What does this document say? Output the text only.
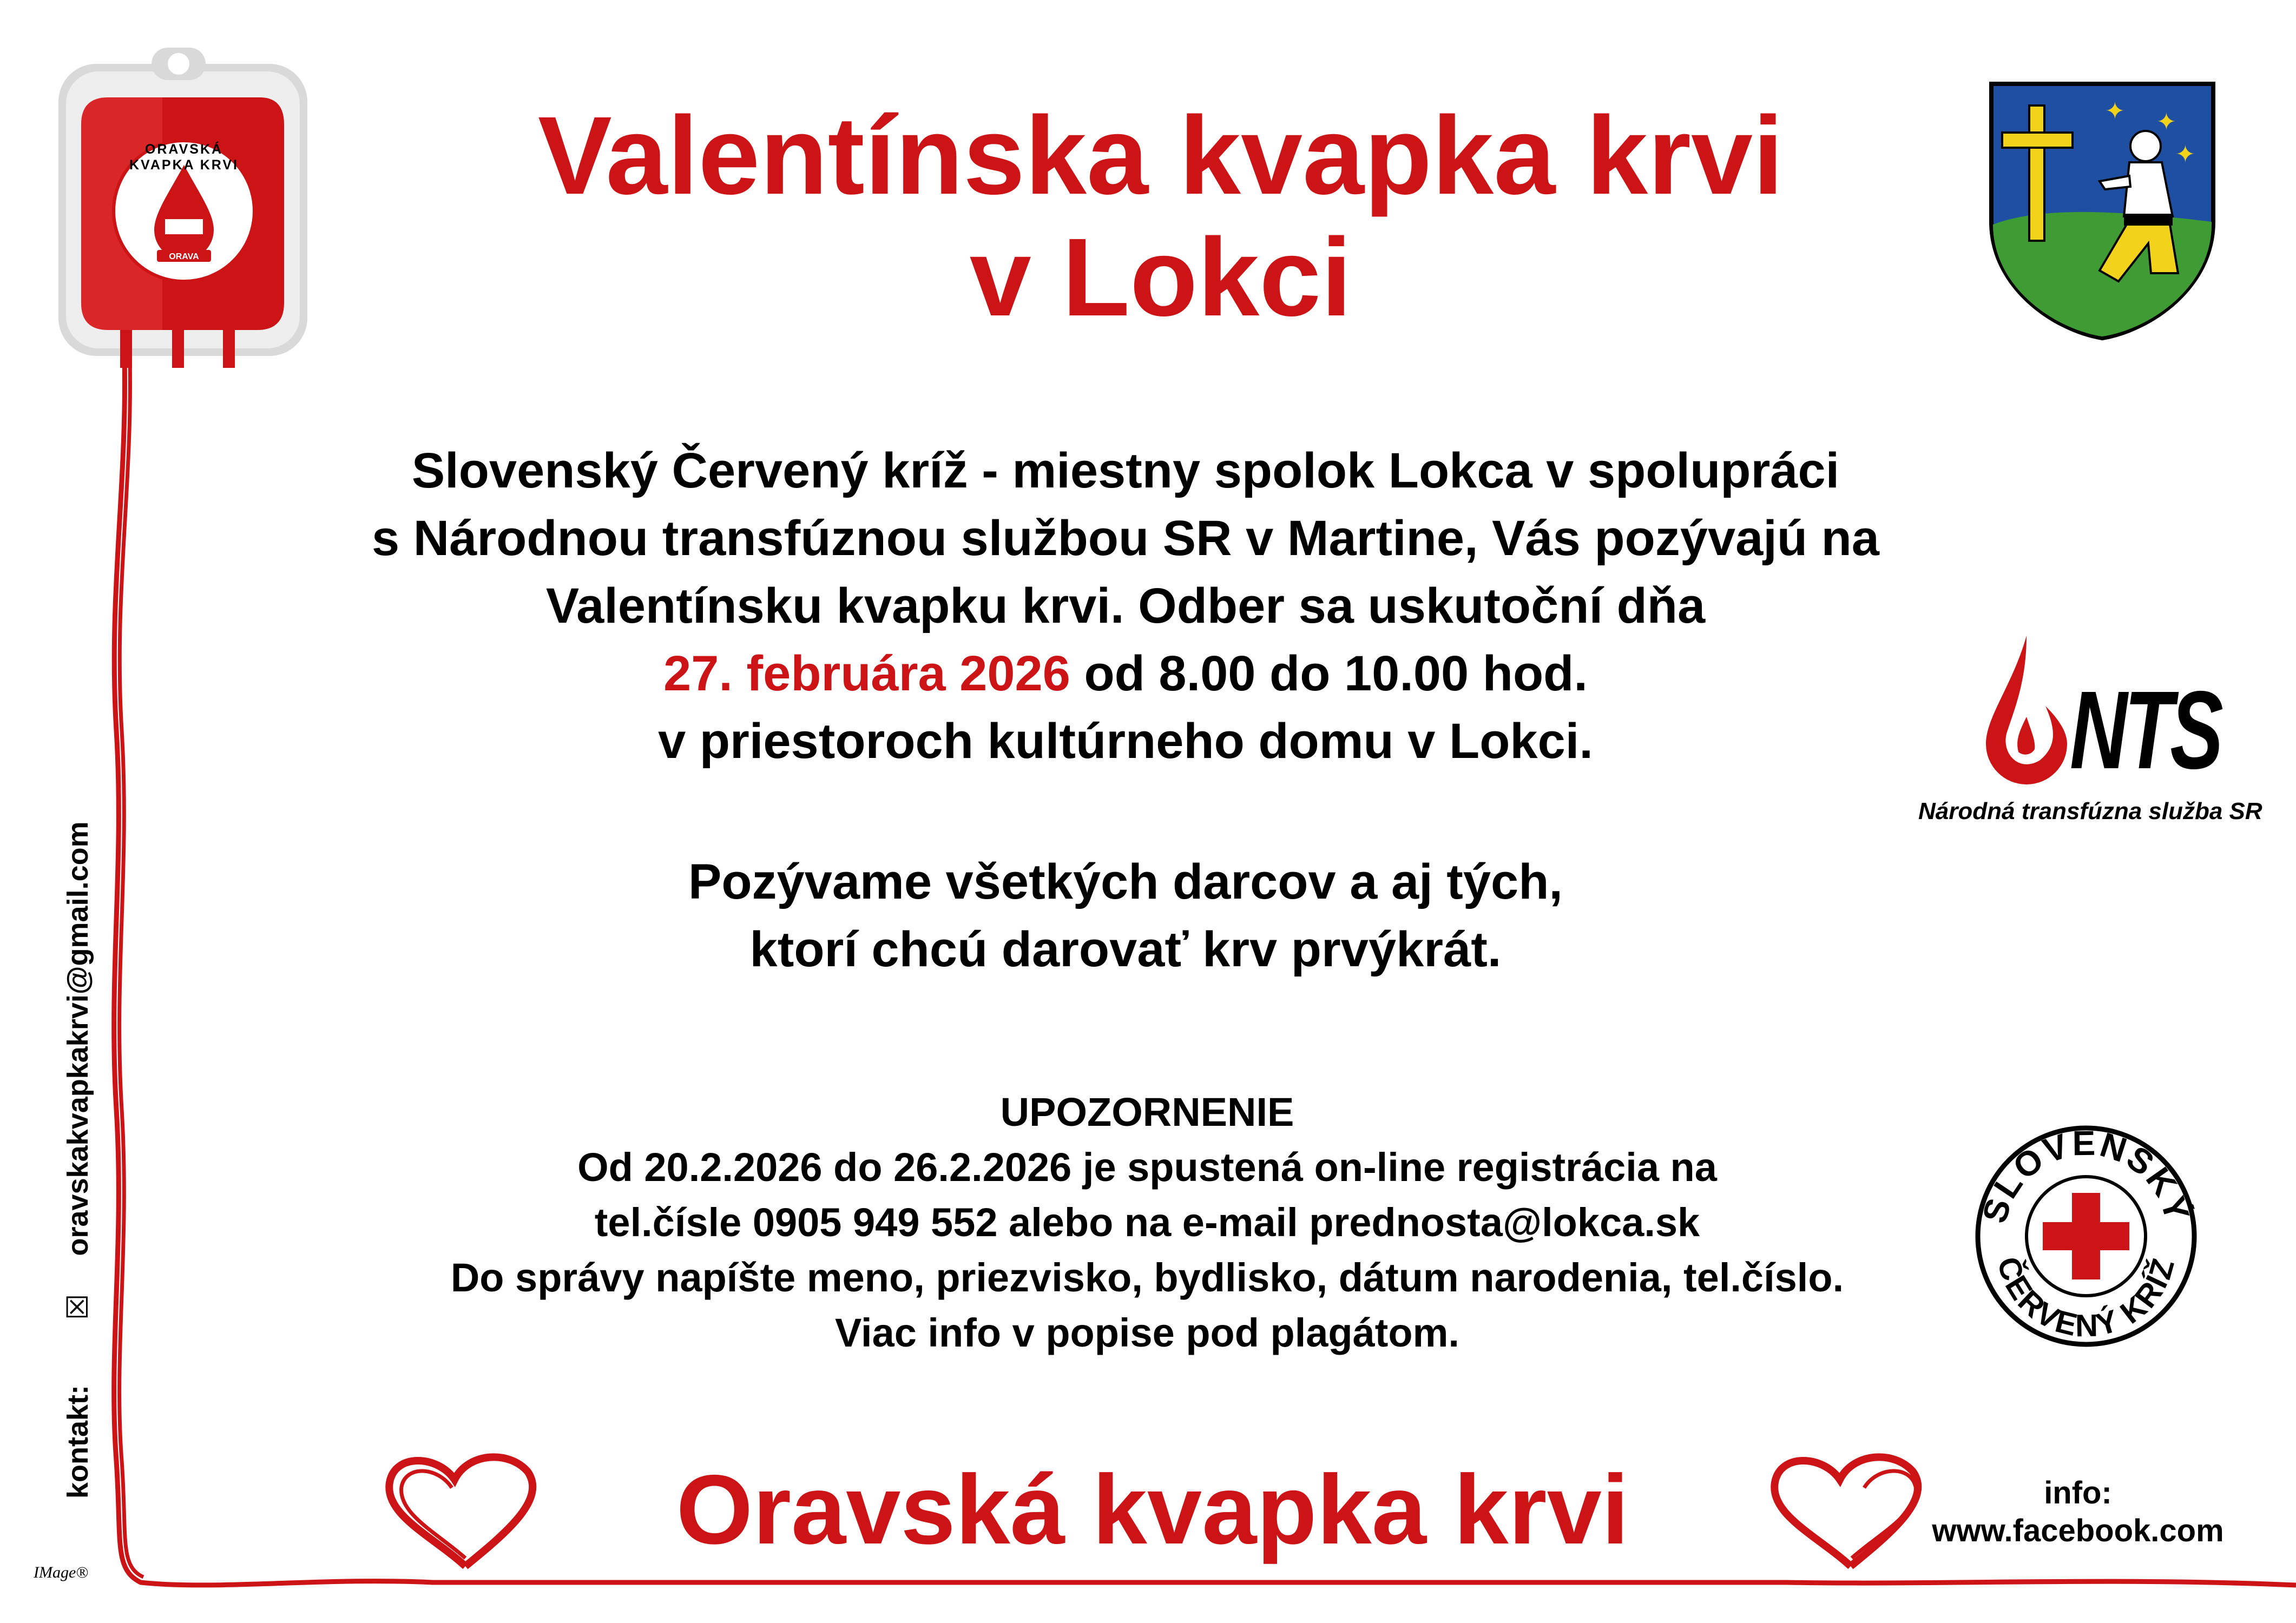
ORAVSKÁ KVAPKA KRVI
ORAVA
Valentínska kvapka krvi
v Lokci
✦ ✦
✦
Slovenský Červený kríž - miestny spolok Lokca v spolupráci
s Národnou transfúznou službou SR v Martine, Vás pozývajú na
Valentínsku kvapku krvi. Odber sa uskutoční dňa
27. februára 2026 od 8.00 do 10.00 hod.
v priestoroch kultúrneho domu v Lokci.	NTS
Národná transfúzna služba SR
Pozývame všetkých darcov a aj tých,
ktorí chcú darovať krv prvýkrát.
UPOZORNENIE
Od 20.2.2026 do 26.2.2026 je spustená on-line registrácia na
tel.čísle 0905 949 552 alebo na e-mail prednosta@lokca.sk
Do správy napíšte meno, priezvisko, bydlisko, dátum narodenia, tel.číslo.
Viac info v popise pod plagátom.
SLOVENSKÝ
ČERVENÝ KRÍŽ
Oravská kvapka krvi	info:
www.facebook.com
kontakt:  ☒  oravskakvapkakrvi@gmail.com
IMage®
